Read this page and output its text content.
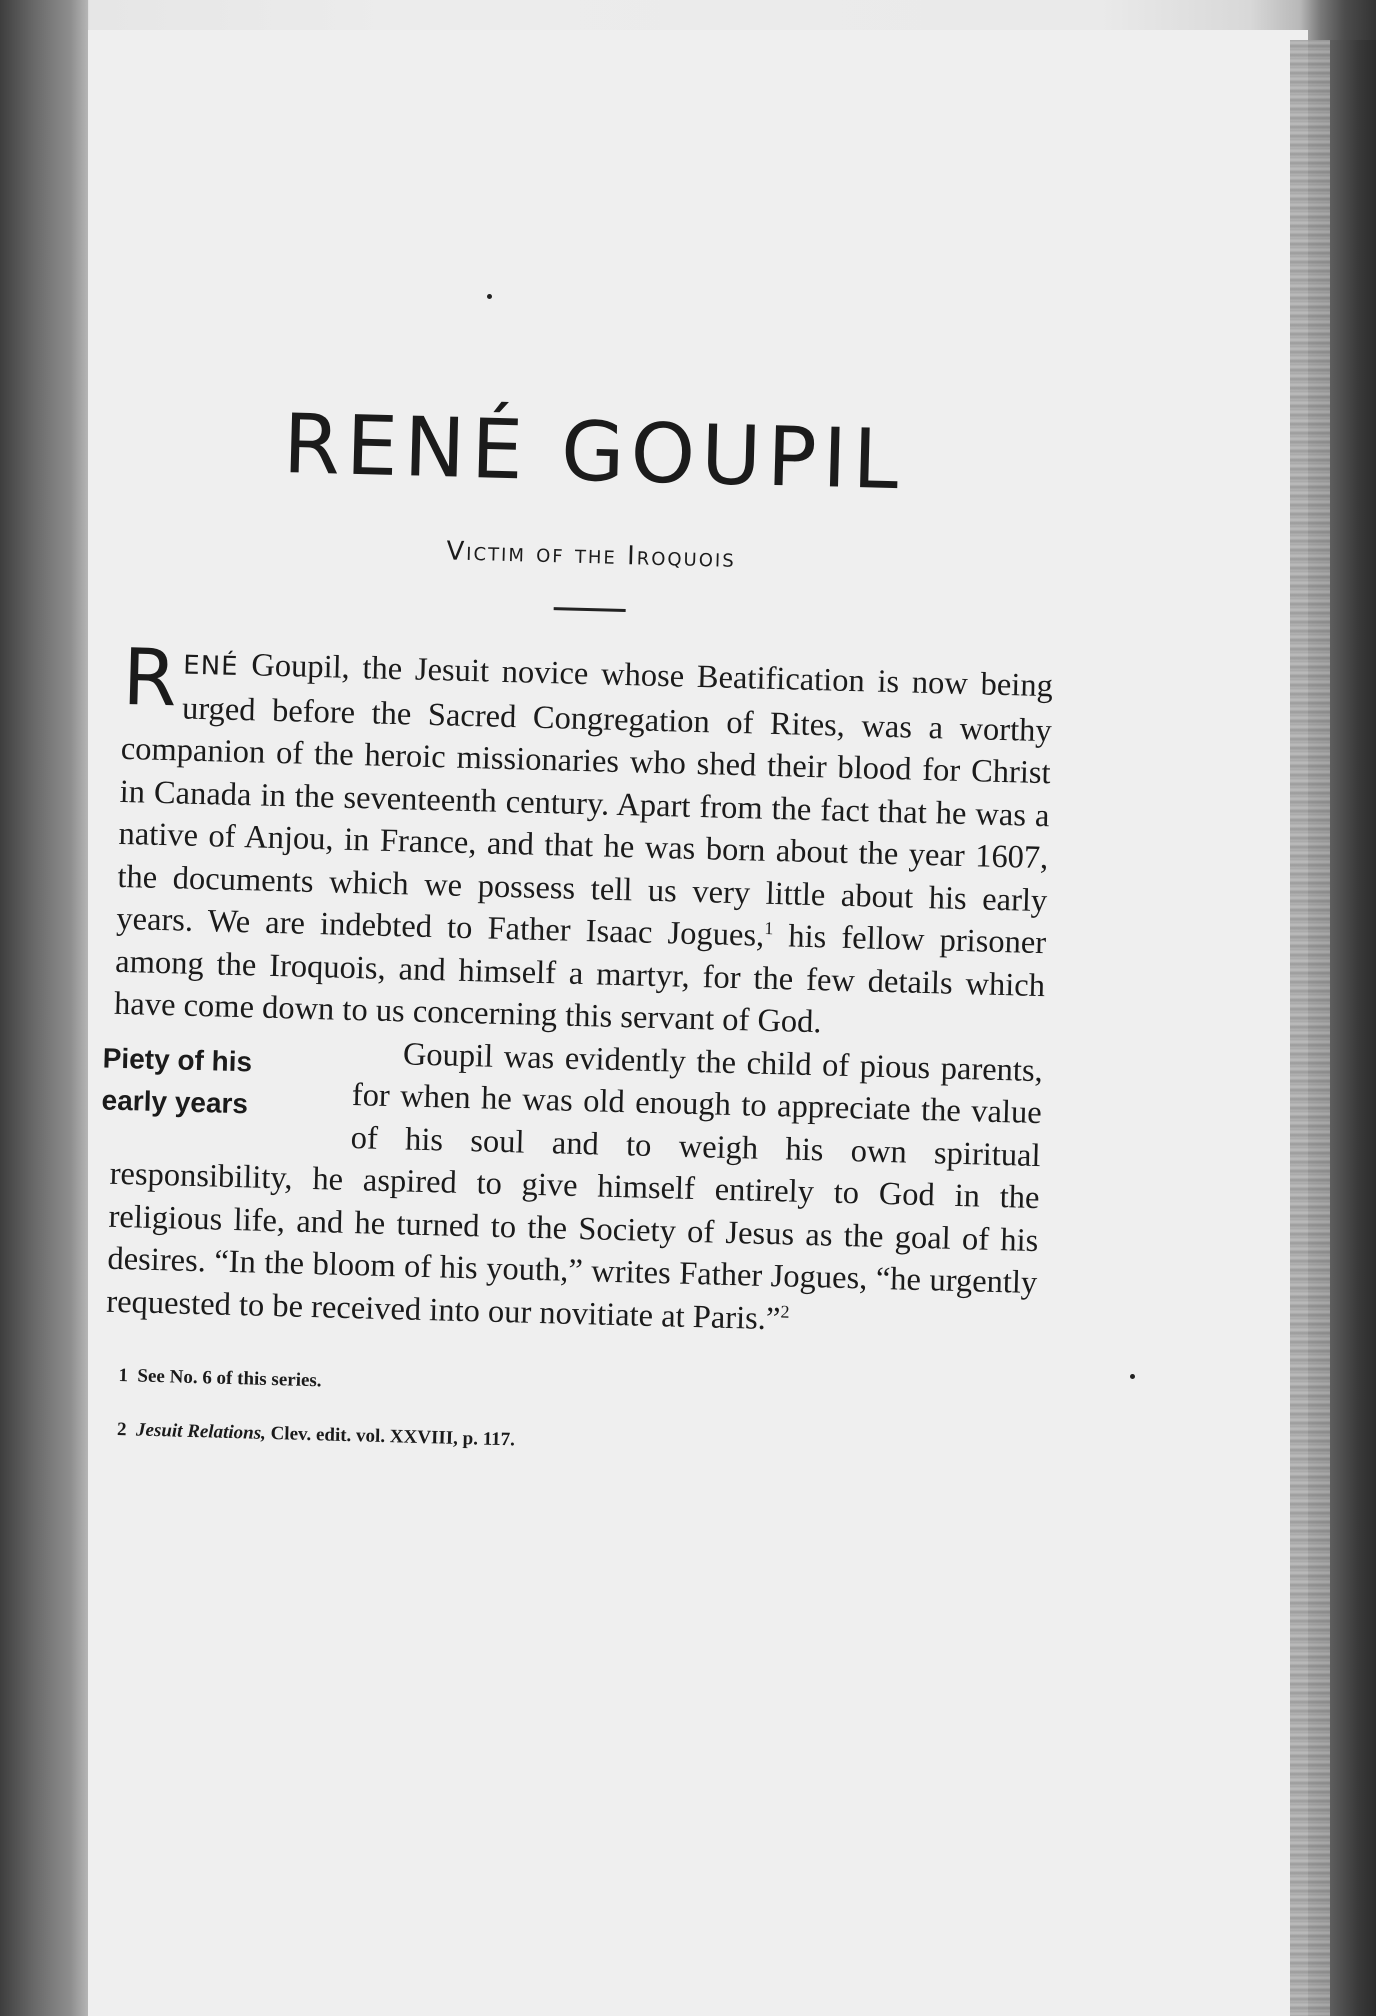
RENÉ GOUPIL
Victim of the Iroquois

RENÉ Goupil, the Jesuit novice whose Beatification is now being urged before the Sacred Congregation of Rites, was a worthy companion of the heroic missionaries who shed their blood for Christ in Canada in the seventeenth century. Apart from the fact that he was a native of Anjou, in France, and that he was born about the year 1607, the documents which we possess tell us very little about his early years. We are indebted to Father Isaac Jogues,$^1$ his fellow prisoner among the Iroquois, and himself a martyr, for the few details which have come down to us concerning this servant of God.

Piety of his
early years
Goupil was evidently the child of pious parents, for when he was old enough to appreciate the value of his soul and to weigh his own spiritual responsibility, he aspired to give himself entirely to God in the religious life, and he turned to the Society of Jesus as the goal of his desires. “In the bloom of his youth,” writes Father Jogues, “he urgently requested to be received into our novitiate at Paris.”$^2$

1 See No. 6 of this series.
2 Jesuit Relations, Clev. edit. vol. XXVIII, p. 117.
